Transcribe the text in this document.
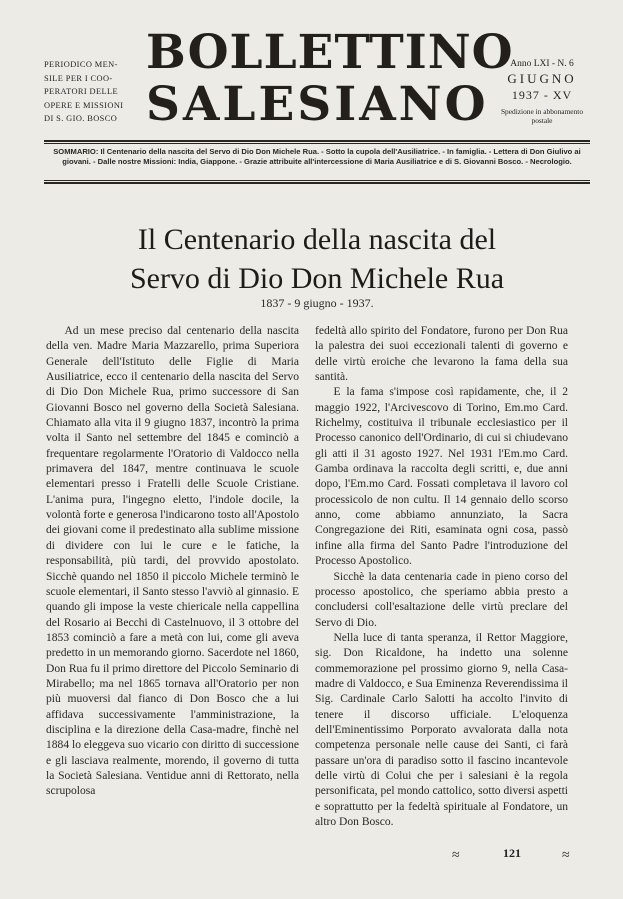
PERIODICO MEN-
SILE PER I COO-
PERATORI DELLE
OPERE E MISSIONI
DI S. GIO. BOSCO
BOLLETTINO
SALESIANO
Anno LXI - N. 6
GIUGNO
1937 - XV
Spedizione in abbonamento postale
SOMMARIO: Il Centenario della nascita del Servo di Dio Don Michele Rua. - Sotto la cupola dell'Ausiliatrice. - In famiglia. - Lettera di Don Giulivo ai giovani. - Dalle nostre Missioni: India, Giappone. - Grazie attribuite all'intercessione di Maria Ausiliatrice e di S. Giovanni Bosco. - Necrologio.
Il Centenario della nascita del
Servo di Dio Don Michele Rua
1837 - 9 giugno - 1937.

Ad un mese preciso dal centenario della nascita della ven. Madre Maria Mazzarello, prima Superiora Generale dell'Istituto delle Figlie di Maria Ausiliatrice, ecco il centenario della nascita del Servo di Dio Don Michele Rua, primo successore di San Giovanni Bosco nel governo della Società Salesiana. Chiamato alla vita il 9 giugno 1837, incontrò la prima volta il Santo nel settembre del 1845 e cominciò a frequentare regolarmente l'Oratorio di Valdocco nella primavera del 1847, mentre continuava le scuole elementari presso i Fratelli delle Scuole Cristiane. L'anima pura, l'ingegno eletto, l'indole docile, la volontà forte e generosa l'indicarono tosto all'Apostolo dei giovani come il predestinato alla sublime missione di dividere con lui le cure e le fatiche, la responsabilità, più tardi, del provvido apostolato. Sicchè quando nel 1850 il piccolo Michele terminò le scuole elementari, il Santo stesso l'avviò al ginnasio. E quando gli impose la veste chiericale nella cappellina del Rosario ai Becchi di Castelnuovo, il 3 ottobre del 1853 cominciò a fare a metà con lui, come gli aveva predetto in un memorando giorno. Sacerdote nel 1860, Don Rua fu il primo direttore del Piccolo Seminario di Mirabello; ma nel 1865 tornava all'Oratorio per non più muoversi dal fianco di Don Bosco che a lui affidava successivamente l'amministrazione, la disciplina e la direzione della Casa-madre, finchè nel 1884 lo eleggeva suo vicario con diritto di successione e gli lasciava realmente, morendo, il governo di tutta la Società Salesiana. Ventidue anni di Rettorato, nella scrupolosa

fedeltà allo spirito del Fondatore, furono per Don Rua la palestra dei suoi eccezionali talenti di governo e delle virtù eroiche che levarono la fama della sua santità.

E la fama s'impose così rapidamente, che, il 2 maggio 1922, l'Arcivescovo di Torino, Em.mo Card. Richelmy, costituiva il tribunale ecclesiastico per il Processo canonico dell'Ordinario, di cui si chiudevano gli atti il 31 agosto 1927. Nel 1931 l'Em.mo Card. Gamba ordinava la raccolta degli scritti, e, due anni dopo, l'Em.mo Card. Fossati completava il lavoro col processicolo de non cultu. Il 14 gennaio dello scorso anno, come abbiamo annunziato, la Sacra Congregazione dei Riti, esaminata ogni cosa, passò infine alla firma del Santo Padre l'introduzione del Processo Apostolico.

Sicchè la data centenaria cade in pieno corso del processo apostolico, che speriamo abbia presto a concludersi coll'esaltazione delle virtù preclare del Servo di Dio.

Nella luce di tanta speranza, il Rettor Maggiore, sig. Don Ricaldone, ha indetto una solenne commemorazione pel prossimo giorno 9, nella Casa-madre di Valdocco, e Sua Eminenza Reverendissima il Sig. Cardinale Carlo Salotti ha accolto l'invito di tenere il discorso ufficiale. L'eloquenza dell'Eminentissimo Porporato avvalorata dalla nota competenza personale nelle cause dei Santi, ci farà passare un'ora di paradiso sotto il fascino incantevole delle virtù di Colui che per i salesiani è la regola personificata, pel mondo cattolico, sotto diversi aspetti e soprattutto per la fedeltà spirituale al Fondatore, un altro Don Bosco.

≈	121	≈
